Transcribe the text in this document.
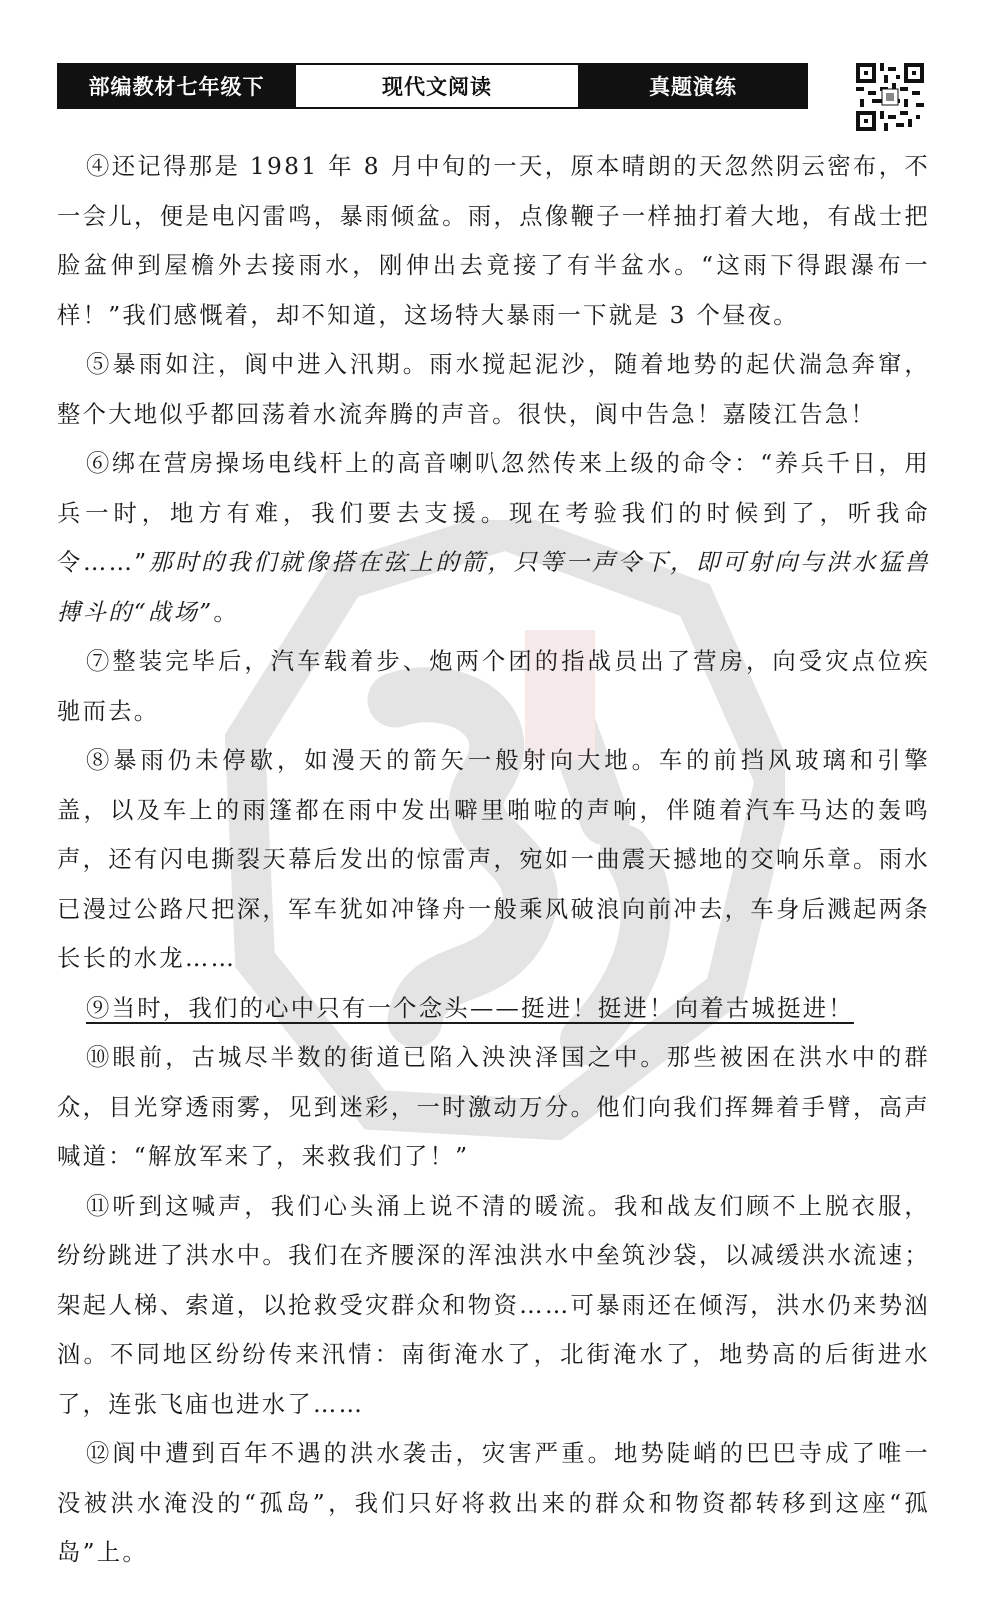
部编教材七年级下	现代文阅读	真题演练

④还记得那是 1981 年 8 月中旬的一天，原本晴朗的天忽然阴云密布，不一会儿，便是电闪雷鸣，暴雨倾盆。雨，点像鞭子一样抽打着大地，有战士把脸盆伸到屋檐外去接雨水，刚伸出去竟接了有半盆水。“这雨下得跟瀑布一样！”我们感慨着，却不知道，这场特大暴雨一下就是 3 个昼夜。

⑤暴雨如注，阆中进入汛期。雨水搅起泥沙，随着地势的起伏湍急奔窜，整个大地似乎都回荡着水流奔腾的声音。很快，阆中告急！嘉陵江告急！

⑥绑在营房操场电线杆上的高音喇叭忽然传来上级的命令：“养兵千日，用兵一时，地方有难，我们要去支援。现在考验我们的时候到了，听我命令……”那时的我们就像搭在弦上的箭，只等一声令下，即可射向与洪水猛兽搏斗的“战场”。

⑦整装完毕后，汽车载着步、炮两个团的指战员出了营房，向受灾点位疾驰而去。

⑧暴雨仍未停歇，如漫天的箭矢一般射向大地。车的前挡风玻璃和引擎盖，以及车上的雨篷都在雨中发出噼里啪啦的声响，伴随着汽车马达的轰鸣声，还有闪电撕裂天幕后发出的惊雷声，宛如一曲震天撼地的交响乐章。雨水已漫过公路尺把深，军车犹如冲锋舟一般乘风破浪向前冲去，车身后溅起两条长长的水龙……

⑨当时，我们的心中只有一个念头——挺进！挺进！向着古城挺进！

⑩眼前，古城尽半数的街道已陷入泱泱泽国之中。那些被困在洪水中的群众，目光穿透雨雾，见到迷彩，一时激动万分。他们向我们挥舞着手臂，高声喊道：“解放军来了，来救我们了！”

⑪听到这喊声，我们心头涌上说不清的暖流。我和战友们顾不上脱衣服，纷纷跳进了洪水中。我们在齐腰深的浑浊洪水中垒筑沙袋，以减缓洪水流速；架起人梯、索道，以抢救受灾群众和物资……可暴雨还在倾泻，洪水仍来势汹汹。不同地区纷纷传来汛情：南街淹水了，北街淹水了，地势高的后街进水了，连张飞庙也进水了……

⑫阆中遭到百年不遇的洪水袭击，灾害严重。地势陡峭的巴巴寺成了唯一没被洪水淹没的“孤岛”，我们只好将救出来的群众和物资都转移到这座“孤岛”上。
